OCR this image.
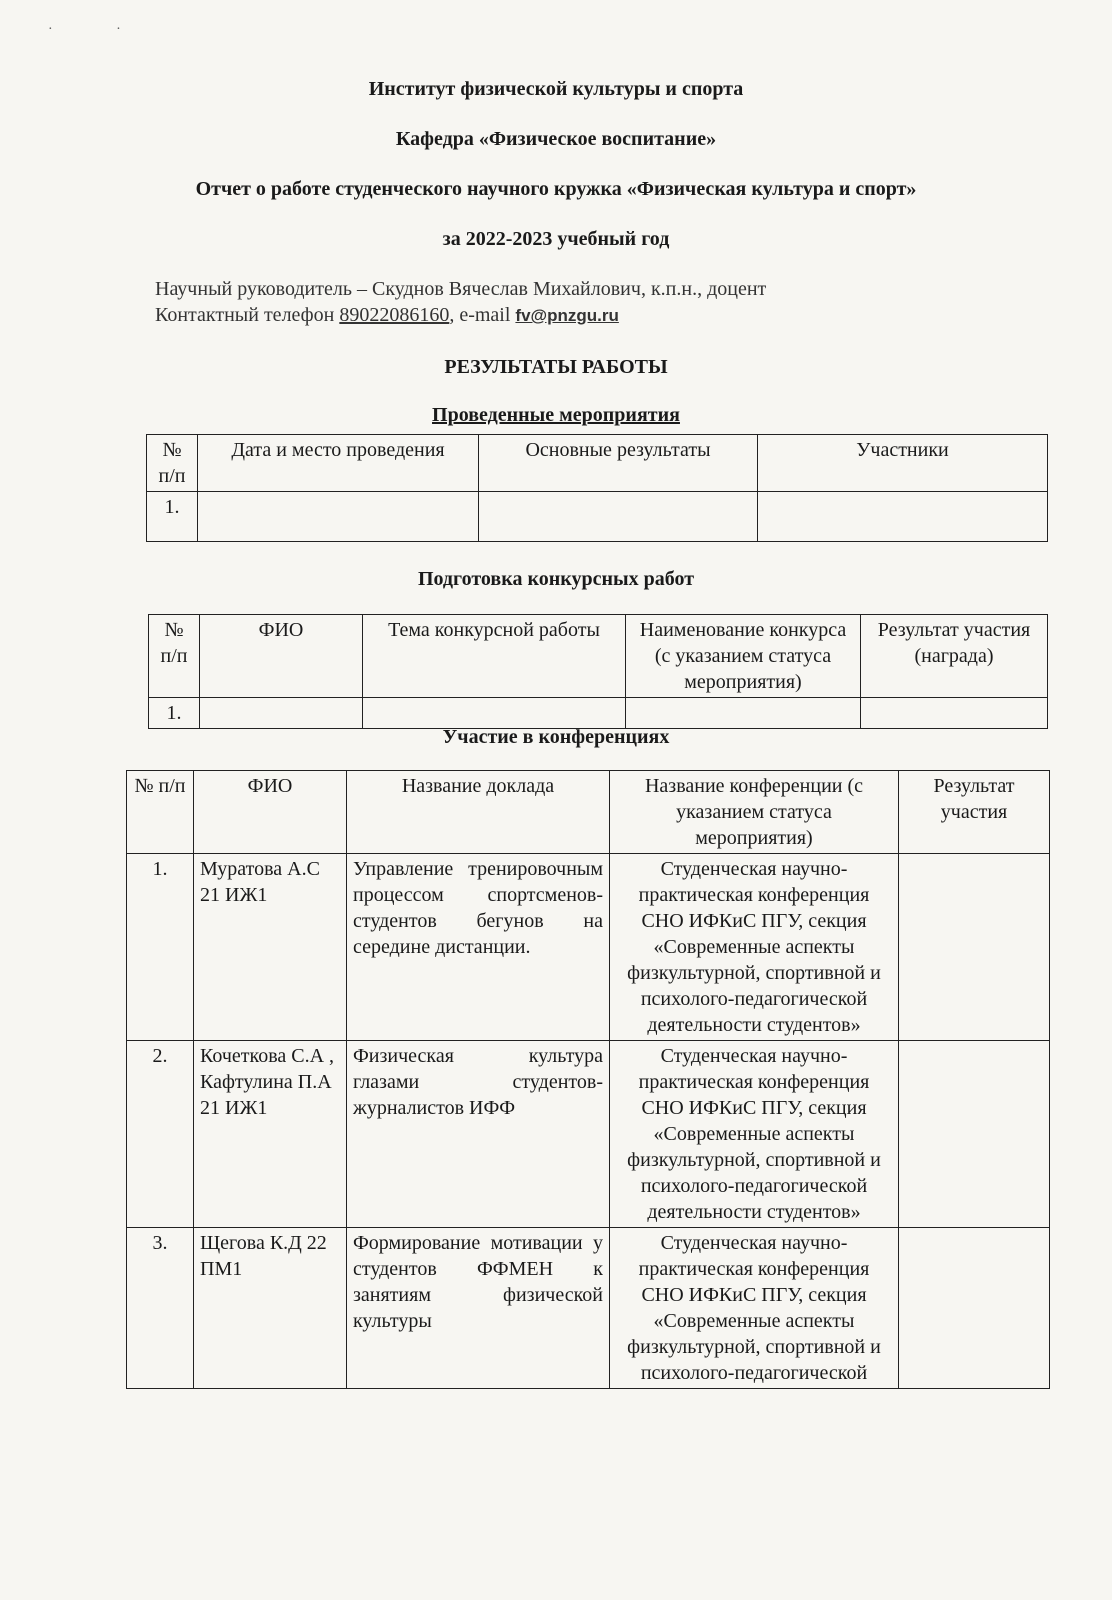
· ·
Институт физической культуры и спорта
Кафедра «Физическое воспитание»
Отчет о работе студенческого научного кружка «Физическая культура и спорт»
за 2022-2023 учебный год
Научный руководитель – Скуднов Вячеслав Михайлович, к.п.н., доцент
Контактный телефон 89022086160, e-mail fv@pnzgu.ru
РЕЗУЛЬТАТЫ РАБОТЫ
Проведенные мероприятия
№ п/п	Дата и место проведения	Основные результаты	Участники
1.			
Подготовка конкурсных работ
№ п/п	ФИО	Тема конкурсной работы	Наименование конкурса (с указанием статуса мероприятия)	Результат участия (награда)
1.				
Участие в конференциях
№ п/п	ФИО	Название доклада	Название конференции (с указанием статуса мероприятия)	Результат участия
1.	Муратова А.С 21 ИЖ1	Управление тренировочным процессом спортсменов-студентов бегунов на середине дистанции.	Студенческая научно-практическая конференция СНО ИФКиС ПГУ, секция «Современные аспекты физкультурной, спортивной и психолого-педагогической деятельности студентов»	
2.	Кочеткова С.А , Кафтулина П.А 21 ИЖ1	Физическая культура глазами студентов-журналистов ИФФ	Студенческая научно-практическая конференция СНО ИФКиС ПГУ, секция «Современные аспекты физкультурной, спортивной и психолого-педагогической деятельности студентов»	
3.	Щегова К.Д 22 ПМ1	Формирование мотивации у студентов ФФМЕН к занятиям физической культуры	Студенческая научно-практическая конференция СНО ИФКиС ПГУ, секция «Современные аспекты физкультурной, спортивной и психолого-педагогической	
